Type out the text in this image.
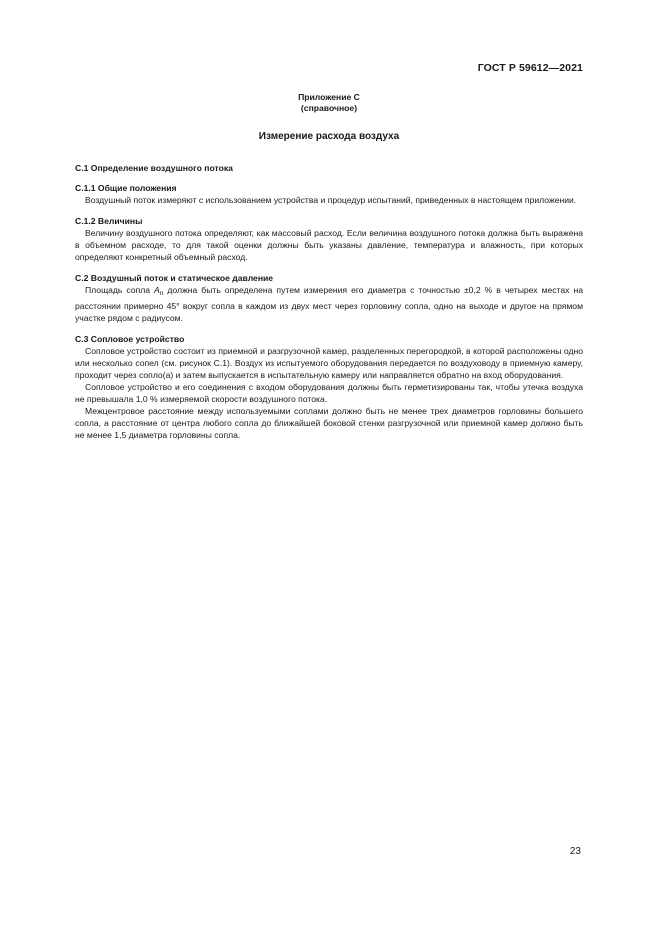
ГОСТ Р 59612—2021
Приложение С
(справочное)
Измерение расхода воздуха
С.1 Определение воздушного потока
С.1.1 Общие положения

Воздушный поток измеряют с использованием устройства и процедур испытаний, приведенных в настоящем приложении.

С.1.2 Величины

Величину воздушного потока определяют, как массовый расход. Если величина воздушного потока должна быть выражена в объемном расходе, то для такой оценки должны быть указаны давление, температура и влажность, при которых определяют конкретный объемный расход.

С.2 Воздушный поток и статическое давление

Площадь сопла $A_n$ должна быть определена путем измерения его диаметра с точностью ±0,2 % в четырех местах на расстоянии примерно 45° вокруг сопла в каждом из двух мест через горловину сопла, одно на выходе и другое на прямом участке рядом с радиусом.

С.3 Сопловое устройство

Сопловое устройство состоит из приемной и разгрузочной камер, разделенных перегородкой, в которой расположены одно или несколько сопел (см. рисунок С.1). Воздух из испытуемого оборудования передается по воздуховоду в приемную камеру, проходит через сопло(а) и затем выпускается в испытательную камеру или направляется обратно на вход оборудования.

Сопловое устройство и его соединения с входом оборудования должны быть герметизированы так, чтобы утечка воздуха не превышала 1,0 % измеряемой скорости воздушного потока.

Межцентровое расстояние между используемыми соплами должно быть не менее трех диаметров горловины большего сопла, а расстояние от центра любого сопла до ближайшей боковой стенки разгрузочной или приемной камер должно быть не менее 1,5 диаметра горловины сопла.

23
